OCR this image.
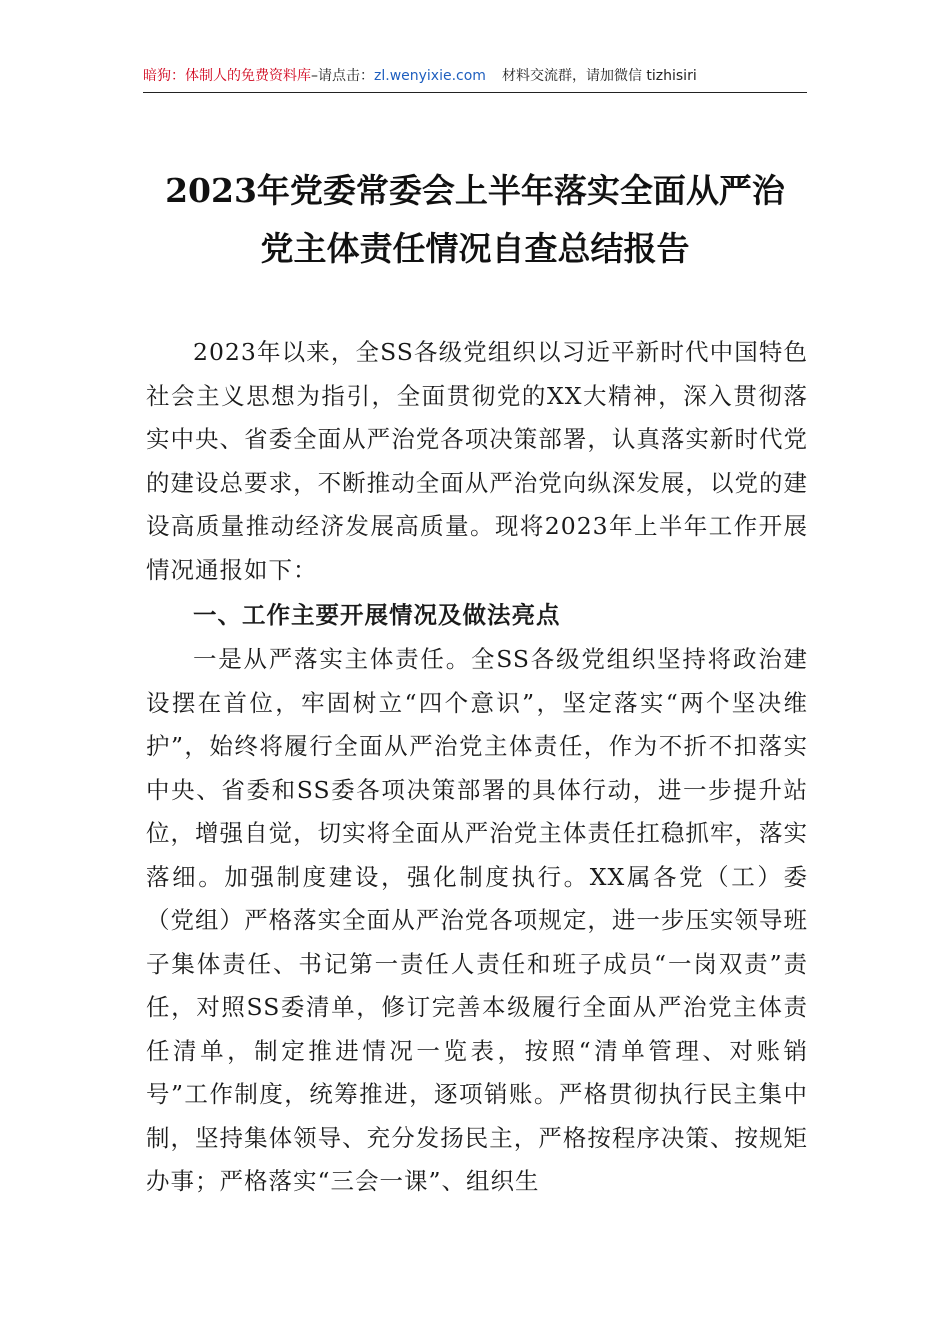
暗狗：体制人的免费资料库–请点击：zl.wenyixie.com 材料交流群，请加微信 tizhisiri
2023年党委常委会上半年落实全面从严治
党主体责任情况自查总结报告

2023年以来，全SS各级党组织以习近平新时代中国特色社会主义思想为指引，全面贯彻党的XX大精神，深入贯彻落实中央、省委全面从严治党各项决策部署，认真落实新时代党的建设总要求，不断推动全面从严治党向纵深发展，以党的建设高质量推动经济发展高质量。现将2023年上半年工作开展情况通报如下：

一、工作主要开展情况及做法亮点

一是从严落实主体责任。全SS各级党组织坚持将政治建设摆在首位，牢固树立“四个意识”，坚定落实“两个坚决维护”，始终将履行全面从严治党主体责任，作为不折不扣落实中央、省委和SS委各项决策部署的具体行动，进一步提升站位，增强自觉，切实将全面从严治党主体责任扛稳抓牢，落实落细。加强制度建设，强化制度执行。XX属各党（工）委（党组）严格落实全面从严治党各项规定，进一步压实领导班子集体责任、书记第一责任人责任和班子成员“一岗双责”责任，对照SS委清单，修订完善本级履行全面从严治党主体责任清单，制定推进情况一览表，按照“清单管理、对账销号”工作制度，统筹推进，逐项销账。严格贯彻执行民主集中制，坚持集体领导、充分发扬民主，严格按程序决策、按规矩办事；严格落实“三会一课”、组织生
